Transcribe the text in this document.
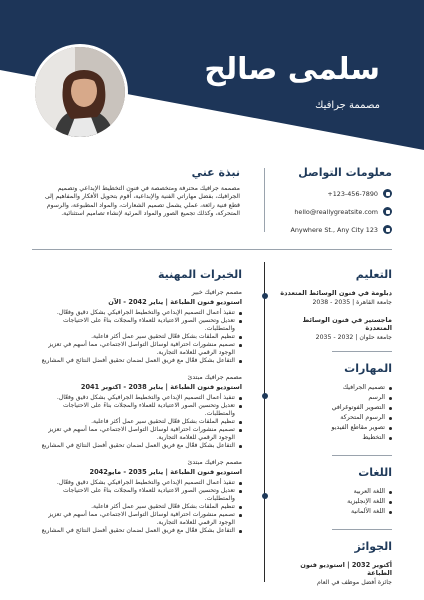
سلمى صالح
مصممة جرافيك
معلومات التواصل
+123-456-7890
hello@reallygreatsite.com
Anywhere St., Any City 123
نبذة عني
مصممة جرافيك محترفة ومتخصصة في فنون التخطيط الإبداعي وتصميم الجرافيك، بفضل مهاراتي الفنية والإبداعية، أقوم بتحويل الأفكار والمفاهيم إلى قطع فنية رائعة، عملي يشمل تصميم الشعارات، والمواد المطبوعة، والرسوم المتحركة، وكذلك تجميع الصور والمواد المرئية لإنشاء تصاميم استثنائية.
التعليم
دبلومة في فنون الوسائط المتعددة
جامعة القاهرة | 2035 - 2038
ماجستير في فنون الوسائط المتعددة
جامعة حلوان | 2032 - 2035
المهارات
تصميم الجرافيك
الرسم
التصوير الفوتوغرافي
الرسوم المتحركة
تصوير مقاطع الفيديو
التخطيط
اللغات
اللغة العربية
اللغة الإنجليزية
اللغة الألمانية
الجوائز
أكتوبر 2032 | استوديو فنون الطباعة
جائزة أفضل موظف في العام
الخبرات المهنية
مصمم جرافيك خبير
استوديو فنون الطباعة | يناير 2042 - الآن
تنفيذ أعمال التصميم الإبداعي والتخطيط الجرافيكي بشكل دقيق وفعّال.
تعديل وتحسين الصور الاعتيادية للعملاء والمجلات بناءً على الاحتياجات والمتطلبات.
تنظيم الملفات بشكل فعّال لتحقيق سير عمل أكثر فاعلية.
تصميم منشورات احترافية لوسائل التواصل الاجتماعي، مما أسهم في تعزيز الوجود الرقمي للعلامة التجارية.
التفاعل بشكل فعّال مع فريق العمل لضمان تحقيق أفضل النتائج في المشاريع
مصمم جرافيك مبتدئ
استوديو فنون الطباعة | يناير 2038 - اكتوبر 2041
تنفيذ أعمال التصميم الإبداعي والتخطيط الجرافيكي بشكل دقيق وفعّال.
تعديل وتحسين الصور الاعتيادية للعملاء والمجلات بناءً على الاحتياجات والمتطلبات.
تنظيم الملفات بشكل فعّال لتحقيق سير عمل أكثر فاعلية.
تصميم منشورات احترافية لوسائل التواصل الاجتماعي، مما أسهم في تعزيز الوجود الرقمي للعلامة التجارية.
التفاعل بشكل فعّال مع فريق العمل لضمان تحقيق أفضل النتائج في المشاريع
مصمم جرافيك مبتدئ
استوديو فنون الطباعة | يناير 2035 - مايو2042
تنفيذ أعمال التصميم الإبداعي والتخطيط الجرافيكي بشكل دقيق وفعّال.
تعديل وتحسين الصور الاعتيادية للعملاء والمجلات بناءً على الاحتياجات والمتطلبات.
تنظيم الملفات بشكل فعّال لتحقيق سير عمل أكثر فاعلية.
تصميم منشورات احترافية لوسائل التواصل الاجتماعي، مما أسهم في تعزيز الوجود الرقمي للعلامة التجارية.
التفاعل بشكل فعّال مع فريق العمل لضمان تحقيق أفضل النتائج في المشاريع
